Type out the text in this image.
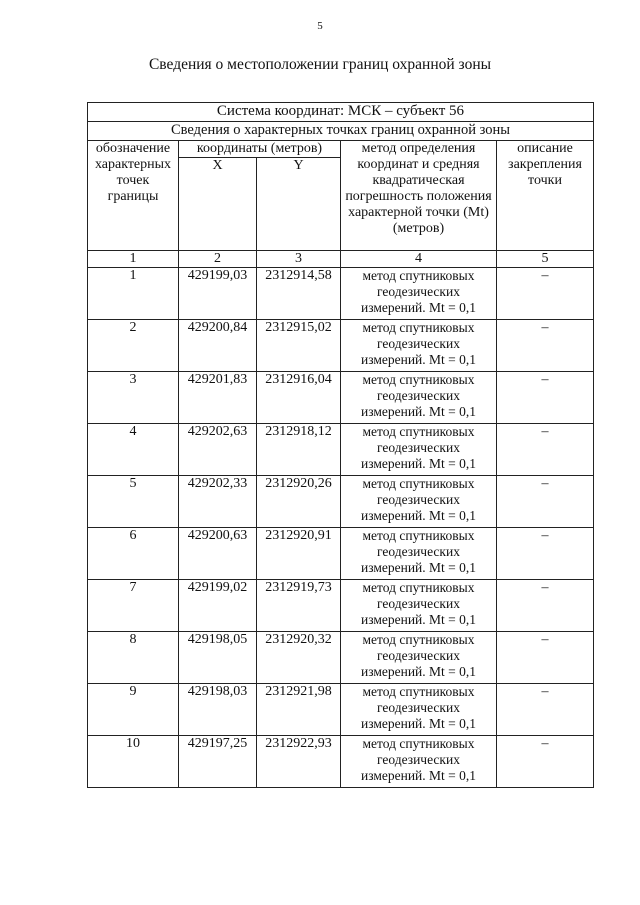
5
Сведения о местоположении границ охранной зоны
Система координат: МСК – субъект 56				
Сведения о характерных точках границ охранной зоны				
обозначение характерных точек границы	координаты (метров)		метод определения координат и средняя квадратическая погрешность положения характерной точки (Mt) (метров)	описание закрепления точки
	X	Y		
1	2	3	4	5
1	429199,03	2312914,58	метод спутниковых геодезических измерений. Mt = 0,1	–
2	429200,84	2312915,02	метод спутниковых геодезических измерений. Mt = 0,1	–
3	429201,83	2312916,04	метод спутниковых геодезических измерений. Mt = 0,1	–
4	429202,63	2312918,12	метод спутниковых геодезических измерений. Mt = 0,1	–
5	429202,33	2312920,26	метод спутниковых геодезических измерений. Mt = 0,1	–
6	429200,63	2312920,91	метод спутниковых геодезических измерений. Mt = 0,1	–
7	429199,02	2312919,73	метод спутниковых геодезических измерений. Mt = 0,1	–
8	429198,05	2312920,32	метод спутниковых геодезических измерений. Mt = 0,1	–
9	429198,03	2312921,98	метод спутниковых геодезических измерений. Mt = 0,1	–
10	429197,25	2312922,93	метод спутниковых геодезических измерений. Mt = 0,1	–
